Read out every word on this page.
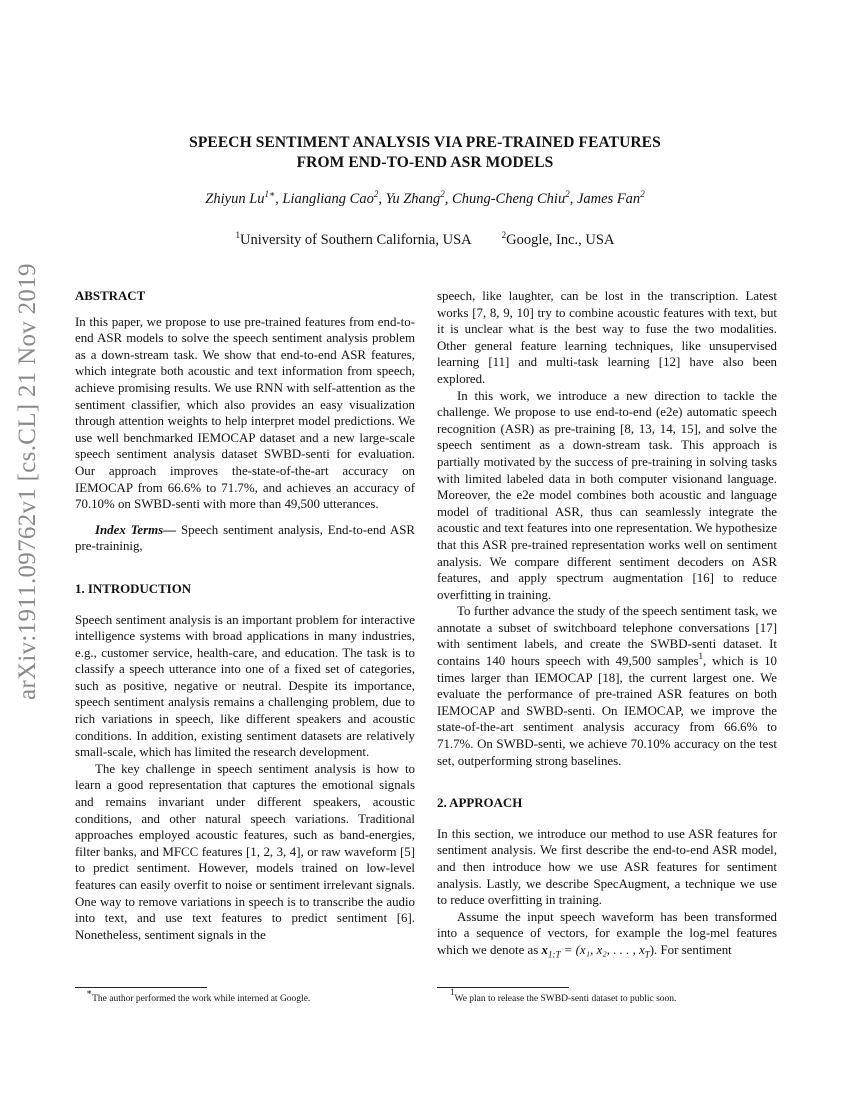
arXiv:1911.09762v1 [cs.CL] 21 Nov 2019
SPEECH SENTIMENT ANALYSIS VIA PRE-TRAINED FEATURES
FROM END-TO-END ASR MODELS
Zhiyun $Lu^{1∗}$, Liangliang Cao$^2$, Yu Zhang$^2$, Chung-Cheng Chiu$^2$, James Fan$^2$
$^1$University of Southern California, USA	$^2$Google, Inc., USA

ABSTRACT

In this paper, we propose to use pre-trained features from end-to-end ASR models to solve the speech sentiment analysis problem as a down-stream task. We show that end-to-end ASR features, which integrate both acoustic and text information from speech, achieve promising results. We use RNN with self-attention as the sentiment classifier, which also provides an easy visualization through attention weights to help interpret model predictions. We use well benchmarked IEMOCAP dataset and a new large-scale speech sentiment analysis dataset SWBD-senti for evaluation. Our approach improves the-state-of-the-art accuracy on IEMOCAP from 66.6% to 71.7%, and achieves an accuracy of 70.10% on SWBD-senti with more than 49,500 utterances.

Index Terms— Speech sentiment analysis, End-to-end ASR pre-traininig,

1. INTRODUCTION

Speech sentiment analysis is an important problem for interactive intelligence systems with broad applications in many industries, e.g., customer service, health-care, and education. The task is to classify a speech utterance into one of a fixed set of categories, such as positive, negative or neutral. Despite its importance, speech sentiment analysis remains a challenging problem, due to rich variations in speech, like different speakers and acoustic conditions. In addition, existing sentiment datasets are relatively small-scale, which has limited the research development.

The key challenge in speech sentiment analysis is how to learn a good representation that captures the emotional signals and remains invariant under different speakers, acoustic conditions, and other natural speech variations. Traditional approaches employed acoustic features, such as band-energies, filter banks, and MFCC features [1, 2, 3, 4], or raw waveform [5] to predict sentiment. However, models trained on low-level features can easily overfit to noise or sentiment irrelevant signals. One way to remove variations in speech is to transcribe the audio into text, and use text features to predict sentiment [6]. Nonetheless, sentiment signals in the

speech, like laughter, can be lost in the transcription. Latest works [7, 8, 9, 10] try to combine acoustic features with text, but it is unclear what is the best way to fuse the two modalities. Other general feature learning techniques, like unsupervised learning [11] and multi-task learning [12] have also been explored.

In this work, we introduce a new direction to tackle the challenge. We propose to use end-to-end (e2e) automatic speech recognition (ASR) as pre-training [8, 13, 14, 15], and solve the speech sentiment as a down-stream task. This approach is partially motivated by the success of pre-training in solving tasks with limited labeled data in both computer visionand language. Moreover, the e2e model combines both acoustic and language model of traditional ASR, thus can seamlessly integrate the acoustic and text features into one representation. We hypothesize that this ASR pre-trained representation works well on sentiment analysis. We compare different sentiment decoders on ASR features, and apply spectrum augmentation [16] to reduce overfitting in training.

To further advance the study of the speech sentiment task, we annotate a subset of switchboard telephone conversations [17] with sentiment labels, and create the SWBD-senti dataset. It contains 140 hours speech with 49,500 samples$^1$, which is 10 times larger than IEMOCAP [18], the current largest one. We evaluate the performance of pre-trained ASR features on both IEMOCAP and SWBD-senti. On IEMOCAP, we improve the state-of-the-art sentiment analysis accuracy from 66.6% to 71.7%. On SWBD-senti, we achieve 70.10% accuracy on the test set, outperforming strong baselines.

2. APPROACH

In this section, we introduce our method to use ASR features for sentiment analysis. We first describe the end-to-end ASR model, and then introduce how we use ASR features for sentiment analysis. Lastly, we describe SpecAugment, a technique we use to reduce overfitting in training.

Assume the input speech waveform has been transformed into a sequence of vectors, for example the log-mel features which we denote as $x_{1:T} = (x_1$, x₂, . . . , $x_T$). For sentiment

∗The author performed the work while interned at Google.
$^1$We plan to release the SWBD-senti dataset to public soon.
